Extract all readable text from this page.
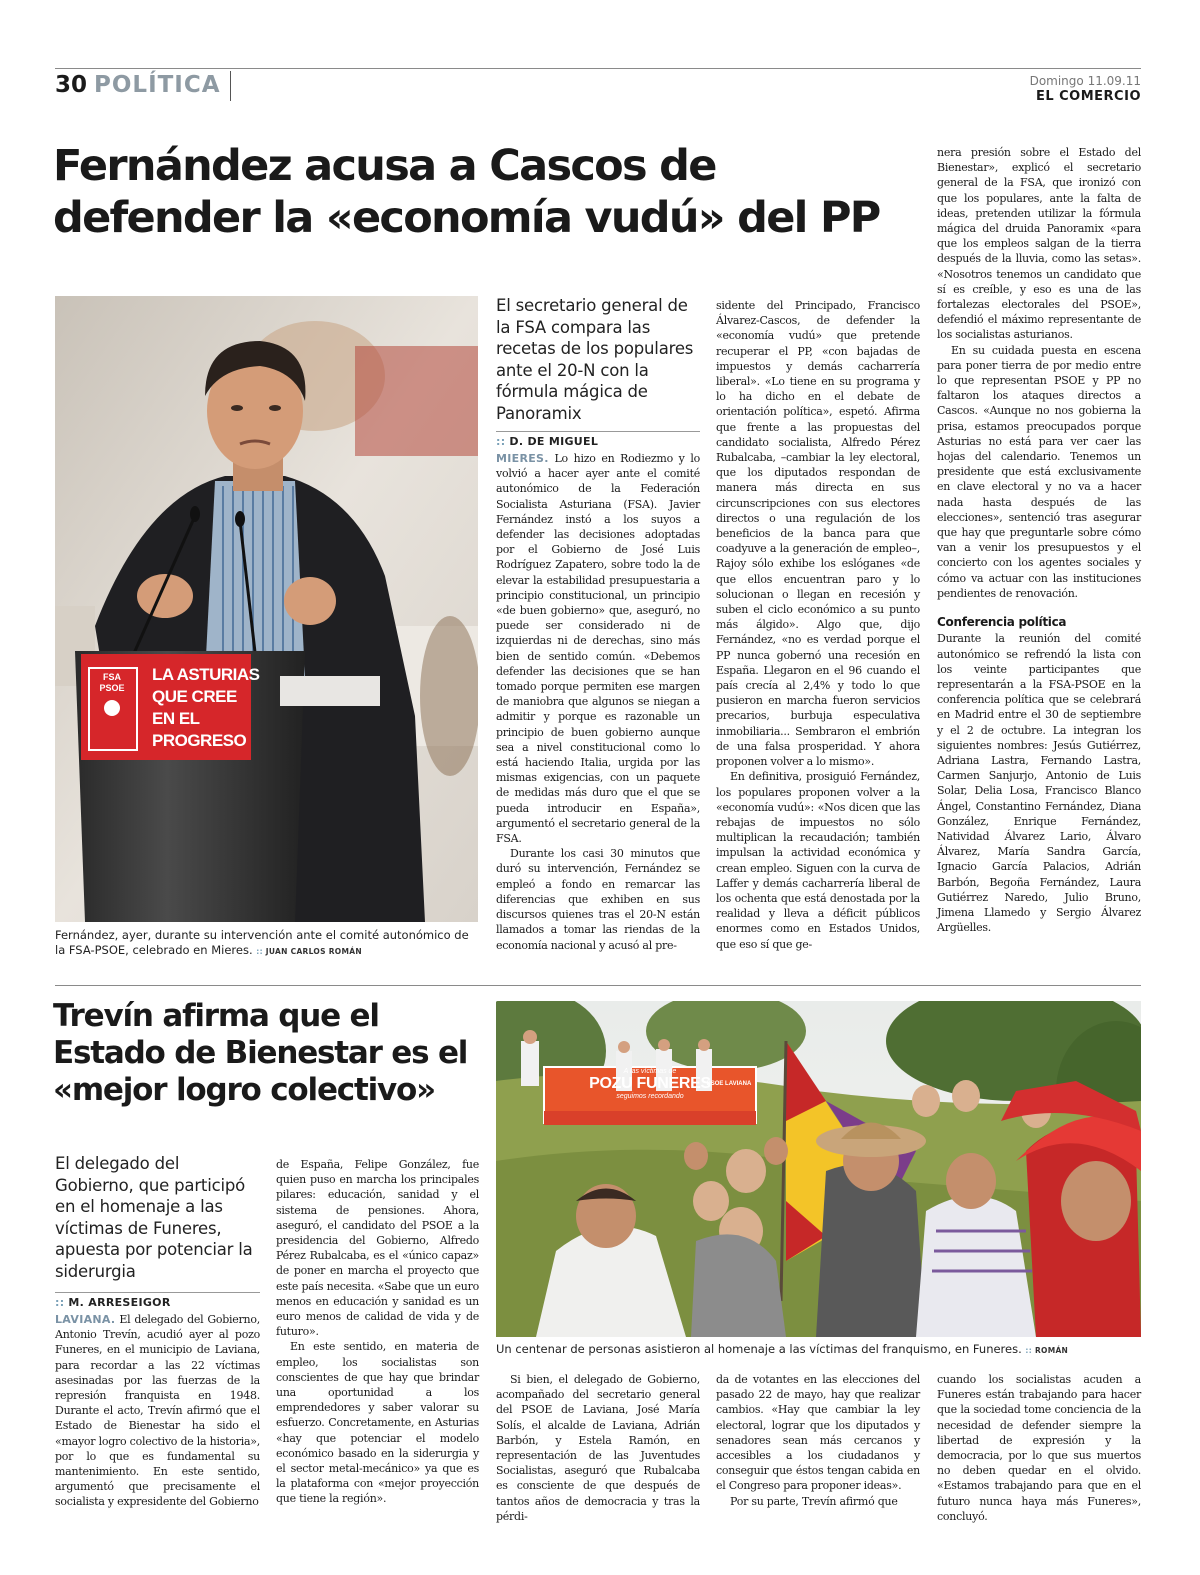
30 POLÍTICA	Domingo 11.09.11
EL COMERCIO
Fernández acusa a Cascos de defender la «economía vudú» del PP
FSA
PSOE
LA ASTURIAS
QUE CREE
EN EL
PROGRESO
Fernández, ayer, durante su intervención ante el comité autonómico de la FSA-PSOE, celebrado en Mieres. :: JUAN CARLOS ROMÁN
El secretario general de la FSA compara las recetas de los populares ante el 20-N con la fórmula mágica de Panoramix
:: D. DE MIGUEL

MIERES. Lo hizo en Rodiezmo y lo volvió a hacer ayer ante el comité autonómico de la Federación Socialista Asturiana (FSA). Javier Fernández instó a los suyos a defender las decisiones adoptadas por el Gobierno de José Luis Rodríguez Zapatero, sobre todo la de elevar la estabilidad presupuestaria a principio constitucional, un principio «de buen gobierno» que, aseguró, no puede ser considerado ni de izquierdas ni de derechas, sino más bien de sentido común. «Debemos defender las decisiones que se han tomado porque permiten ese margen de maniobra que algunos se niegan a admitir y porque es razonable un principio de buen gobierno aunque sea a nivel constitucional como lo está haciendo Italia, urgida por las mismas exigencias, con un paquete de medidas más duro que el que se pueda introducir en España», argumentó el secretario general de la FSA.

Durante los casi 30 minutos que duró su intervención, Fernández se empleó a fondo en remarcar las diferencias que exhiben en sus discursos quienes tras el 20-N están llamados a tomar las riendas de la economía nacional y acusó al pre-

sidente del Principado, Francisco Álvarez-Cascos, de defender la «economía vudú» que pretende recuperar el PP, «con bajadas de impuestos y demás cacharrería liberal». «Lo tiene en su programa y lo ha dicho en el debate de orientación política», espetó. Afirma que frente a las propuestas del candidato socialista, Alfredo Pérez Rubalcaba, –cambiar la ley electoral, que los diputados respondan de manera más directa en sus circunscripciones con sus electores directos o una regulación de los beneficios de la banca para que coadyuve a la generación de empleo–, Rajoy sólo exhibe los eslóganes «de que ellos encuentran paro y lo solucionan o llegan en recesión y suben el ciclo económico a su punto más álgido». Algo que, dijo Fernández, «no es verdad porque el PP nunca gobernó una recesión en España. Llegaron en el 96 cuando el país crecía al 2,4% y todo lo que pusieron en marcha fueron servicios precarios, burbuja especulativa inmobiliaria... Sembraron el embrión de una falsa prosperidad. Y ahora proponen volver a lo mismo».

En definitiva, prosiguió Fernández, los populares proponen volver a la «economía vudú»: «Nos dicen que las rebajas de impuestos no sólo multiplican la recaudación; también impulsan la actividad económica y crean empleo. Siguen con la curva de Laffer y demás cacharrería liberal de los ochenta que está denostada por la realidad y lleva a déficit públicos enormes como en Estados Unidos, que eso sí que ge-

nera presión sobre el Estado del Bienestar», explicó el secretario general de la FSA, que ironizó con que los populares, ante la falta de ideas, pretenden utilizar la fórmula mágica del druida Panoramix «para que los empleos salgan de la tierra después de la lluvia, como las setas». «Nosotros tenemos un candidato que sí es creíble, y eso es una de las fortalezas electorales del PSOE», defendió el máximo representante de los socialistas asturianos.

En su cuidada puesta en escena para poner tierra de por medio entre lo que representan PSOE y PP no faltaron los ataques directos a Cascos. «Aunque no nos gobierna la prisa, estamos preocupados porque Asturias no está para ver caer las hojas del calendario. Tenemos un presidente que está exclusivamente en clave electoral y no va a hacer nada hasta después de las elecciones», sentenció tras asegurar que hay que preguntarle sobre cómo van a venir los presupuestos y el concierto con los agentes sociales y cómo va actuar con las instituciones pendientes de renovación.

Conferencia política

Durante la reunión del comité autonómico se refrendó la lista con los veinte participantes que representarán a la FSA-PSOE en la conferencia política que se celebrará en Madrid entre el 30 de septiembre y el 2 de octubre. La integran los siguientes nombres: Jesús Gutiérrez, Adriana Lastra, Fernando Lastra, Carmen Sanjurjo, Antonio de Luis Solar, Delia Losa, Francisco Blanco Ángel, Constantino Fernández, Diana González, Enrique Fernández, Natividad Álvarez Lario, Álvaro Álvarez, María Sandra García, Ignacio García Palacios, Adrián Barbón, Begoña Fernández, Laura Gutiérrez Naredo, Julio Bruno, Jimena Llamedo y Sergio Álvarez Argüelles.

Trevín afirma que el Estado de Bienestar es el «mejor logro colectivo»
El delegado del Gobierno, que participó en el homenaje a las víctimas de Funeres, apuesta por potenciar la siderurgia
:: M. ARRESEIGOR

LAVIANA. El delegado del Gobierno, Antonio Trevín, acudió ayer al pozo Funeres, en el municipio de Laviana, para recordar a las 22 víctimas asesinadas por las fuerzas de la represión franquista en 1948. Durante el acto, Trevín afirmó que el Estado de Bienestar ha sido el «mayor logro colectivo de la historia», por lo que es fundamental su mantenimiento. En este sentido, argumentó que precisamente el socialista y expresidente del Gobierno

de España, Felipe González, fue quien puso en marcha los principales pilares: educación, sanidad y el sistema de pensiones. Ahora, aseguró, el candidato del PSOE a la presidencia del Gobierno, Alfredo Pérez Rubalcaba, es el «único capaz» de poner en marcha el proyecto que este país necesita. «Sabe que un euro menos en educación y sanidad es un euro menos de calidad de vida y de futuro».

En este sentido, en materia de empleo, los socialistas son conscientes de que hay que brindar una oportunidad a los emprendedores y saber valorar su esfuerzo. Concretamente, en Asturias «hay que potenciar el modelo económico basado en la siderurgia y el sector metal-mecánico» ya que es la plataforma con «mejor proyección que tiene la región».

A las víctimas de
POZU FUNERES
seguimos recordando
PSOE LAVIANA
Un centenar de personas asistieron al homenaje a las víctimas del franquismo, en Funeres. :: ROMÁN

Si bien, el delegado de Gobierno, acompañado del secretario general del PSOE de Laviana, José María Solís, el alcalde de Laviana, Adrián Barbón, y Estela Ramón, en representación de las Juventudes Socialistas, aseguró que Rubalcaba es consciente de que después de tantos años de democracia y tras la pérdi-

da de votantes en las elecciones del pasado 22 de mayo, hay que realizar cambios. «Hay que cambiar la ley electoral, lograr que los diputados y senadores sean más cercanos y accesibles a los ciudadanos y conseguir que éstos tengan cabida en el Congreso para proponer ideas».

Por su parte, Trevín afirmó que

cuando los socialistas acuden a Funeres están trabajando para hacer que la sociedad tome conciencia de la necesidad de defender siempre la libertad de expresión y la democracia, por lo que sus muertos no deben quedar en el olvido. «Estamos trabajando para que en el futuro nunca haya más Funeres», concluyó.
